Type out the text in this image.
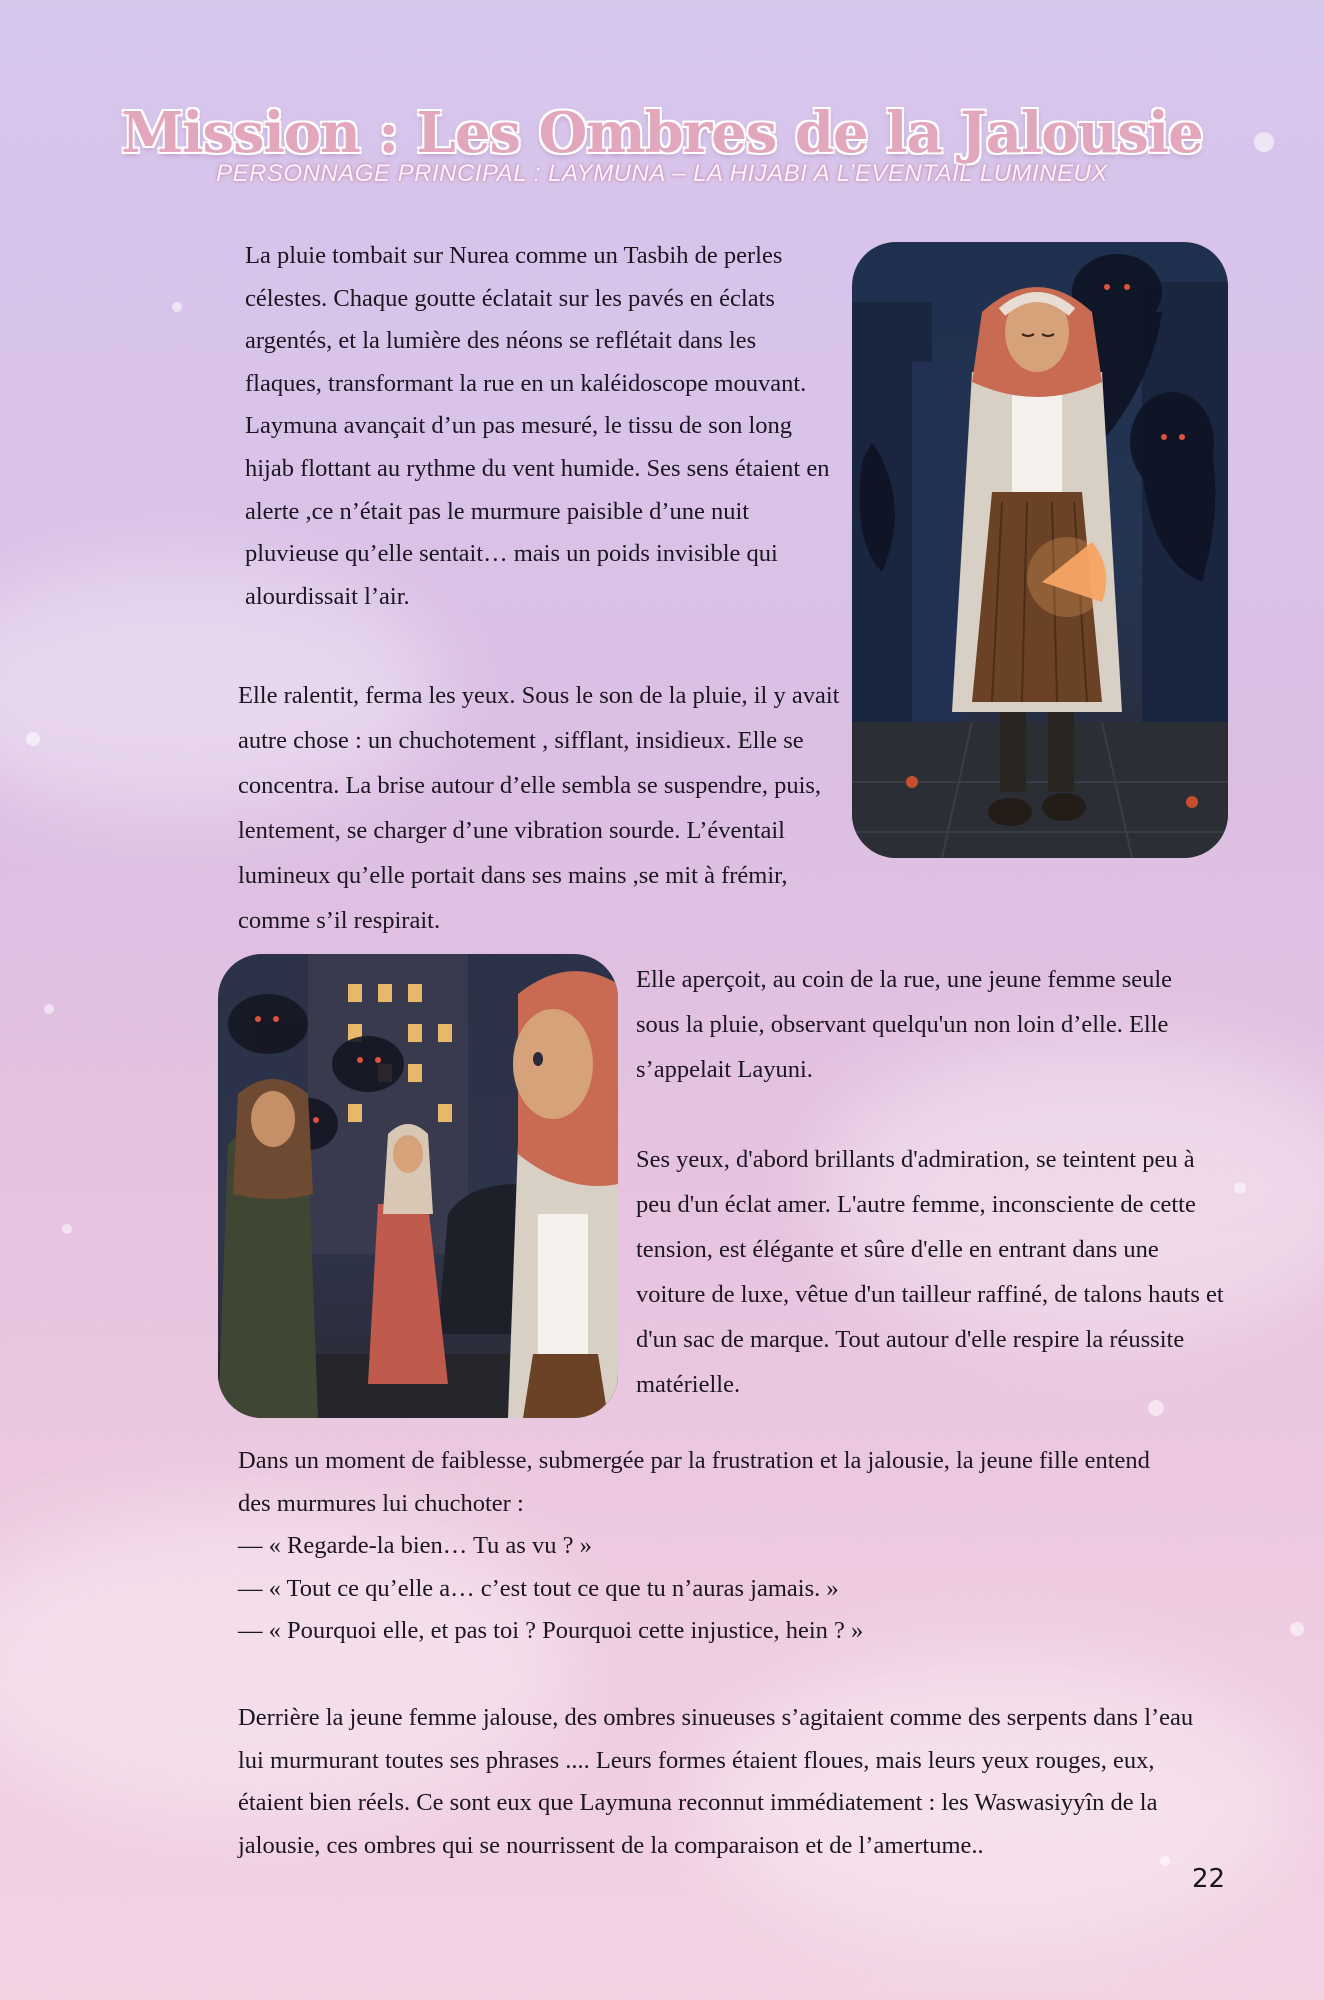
Mission : Les Ombres de la Jalousie
PERSONNAGE PRINCIPAL : LAYMUNA – LA HIJABI A L’EVENTAIL LUMINEUX

La pluie tombait sur Nurea comme un Tasbih de perles célestes. Chaque goutte éclatait sur les pavés en éclats argentés, et la lumière des néons se reflétait dans les flaques, transformant la rue en un kaléidoscope mouvant.

Laymuna avançait d’un pas mesuré, le tissu de son long hijab flottant au rythme du vent humide. Ses sens étaient en alerte ,ce n’était pas le murmure paisible d’une nuit pluvieuse qu’elle sentait… mais un poids invisible qui alourdissait l’air.

Elle ralentit, ferma les yeux. Sous le son de la pluie, il y avait autre chose : un chuchotement , sifflant, insidieux. Elle se concentra. La brise autour d’elle sembla se suspendre, puis, lentement, se charger d’une vibration sourde. L’éventail lumineux qu’elle portait dans ses mains ,se mit à frémir, comme s’il respirait.

Elle aperçoit, au coin de la rue, une jeune femme seule sous la pluie, observant quelqu'un non loin d’elle. Elle s’appelait Layuni.

Ses yeux, d'abord brillants d'admiration, se teintent peu à peu d'un éclat amer. L'autre femme, inconsciente de cette tension, est élégante et sûre d'elle en entrant dans une voiture de luxe, vêtue d'un tailleur raffiné, de talons hauts et d'un sac de marque. Tout autour d'elle respire la réussite matérielle.

Dans un moment de faiblesse, submergée par la frustration et la jalousie, la jeune fille entend des murmures lui chuchoter :

— « Regarde-la bien… Tu as vu ? »
— « Tout ce qu’elle a… c’est tout ce que tu n’auras jamais. »
— « Pourquoi elle, et pas toi ? Pourquoi cette injustice, hein ? »

Derrière la jeune femme jalouse, des ombres sinueuses s’agitaient comme des serpents dans l’eau lui murmurant toutes ses phrases .... Leurs formes étaient floues, mais leurs yeux rouges, eux, étaient bien réels. Ce sont eux que Laymuna reconnut immédiatement : les Waswasiyyîn de la jalousie, ces ombres qui se nourrissent de la comparaison et de l’amertume..

22
